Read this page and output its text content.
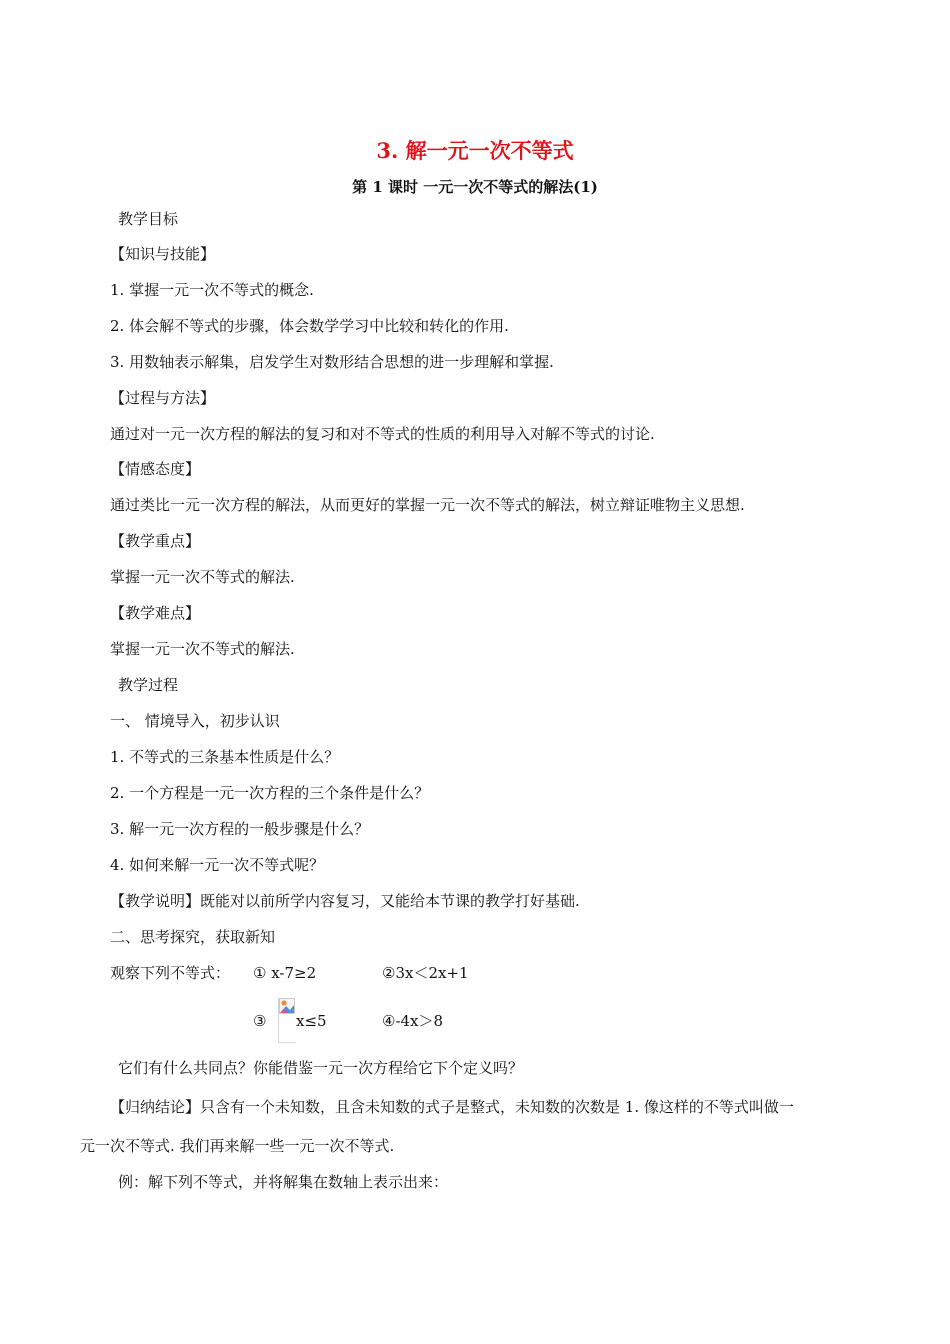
3. 解一元一次不等式
第 1 课时 一元一次不等式的解法(1)
教学目标
【知识与技能】
1. 掌握一元一次不等式的概念.
2. 体会解不等式的步骤，体会数学学习中比较和转化的作用.
3. 用数轴表示解集，启发学生对数形结合思想的进一步理解和掌握.
【过程与方法】
通过对一元一次方程的解法的复习和对不等式的性质的利用导入对解不等式的讨论.
【情感态度】
通过类比一元一次方程的解法，从而更好的掌握一元一次不等式的解法，树立辩证唯物主义思想.
【教学重点】
掌握一元一次不等式的解法.
【教学难点】
掌握一元一次不等式的解法.
教学过程
一、 情境导入，初步认识
1. 不等式的三条基本性质是什么？
2. 一个方程是一元一次方程的三个条件是什么？
3. 解一元一次方程的一般步骤是什么？
4. 如何来解一元一次不等式呢？
【教学说明】既能对以前所学内容复习，又能给本节课的教学打好基础.
二、思考探究，获取新知
观察下列不等式： ① x-7≥2	②3x＜2x+1
③ x≤5	④-4x＞8
它们有什么共同点？你能借鉴一元一次方程给它下个定义吗？
【归纳结论】只含有一个未知数，且含未知数的式子是整式，未知数的次数是 1. 像这样的不等式叫做一
元一次不等式. 我们再来解一些一元一次不等式.
例：解下列不等式，并将解集在数轴上表示出来：
